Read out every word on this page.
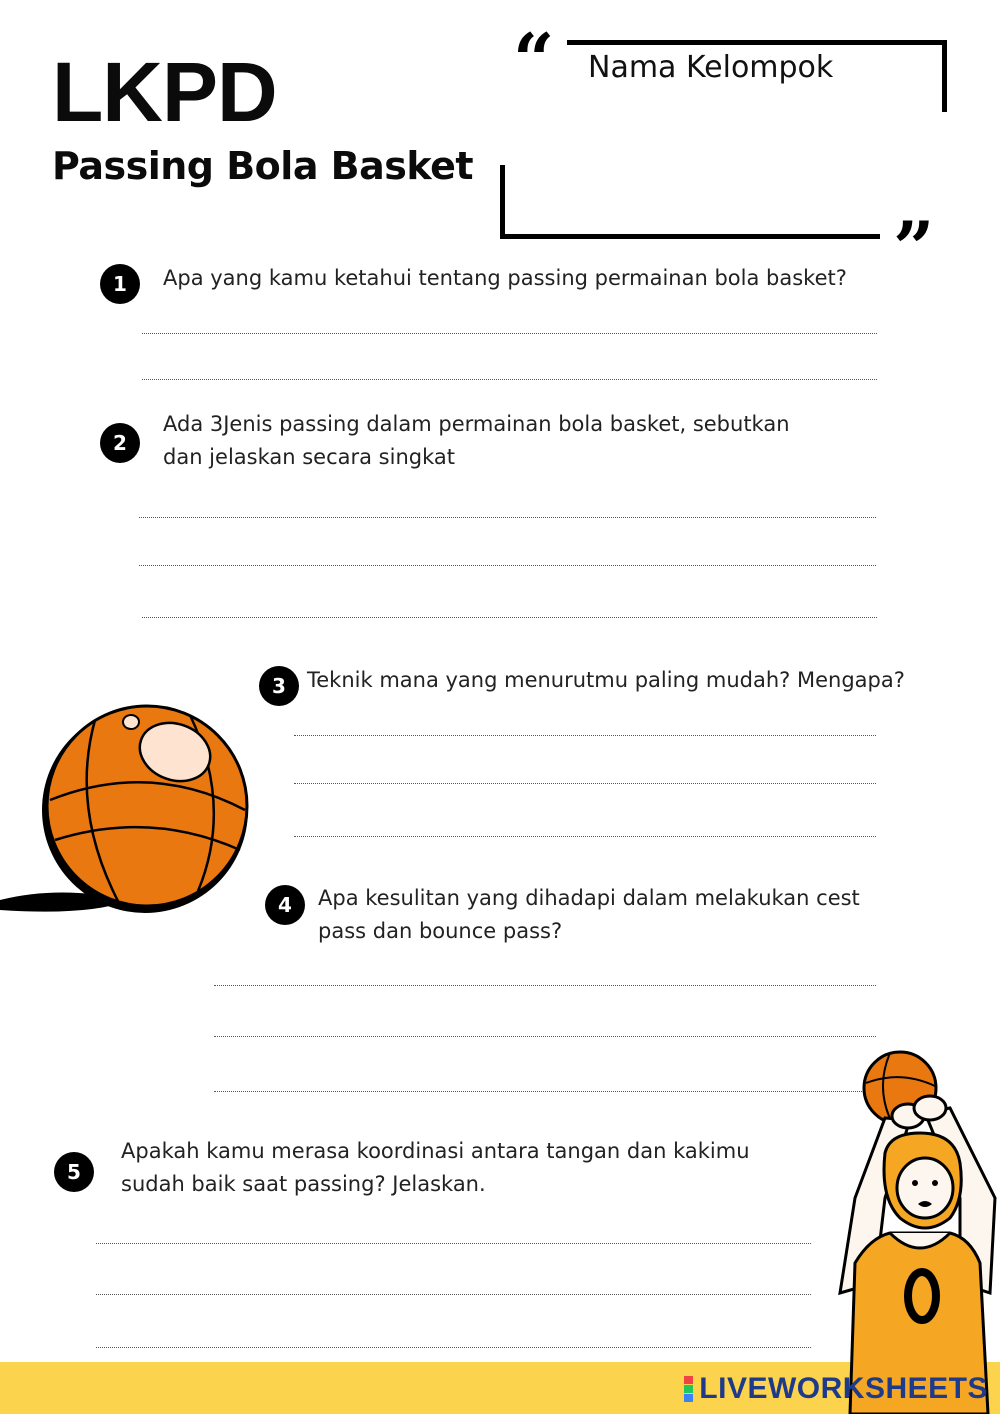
LKPD
Passing Bola Basket
“ Nama Kelompok
”
1	Apa yang kamu ketahui tentang passing permainan bola basket?
2
Ada 3Jenis passing dalam permainan bola basket, sebutkan
dan jelaskan secara singkat
3	Teknik mana yang menurutmu paling mudah? Mengapa?
4	Apa kesulitan yang dihadapi dalam melakukan cest
pass dan bounce pass?
5
Apakah kamu merasa koordinasi antara tangan dan kakimu
sudah baik saat passing? Jelaskan.
LIVEWORKSHEETS
